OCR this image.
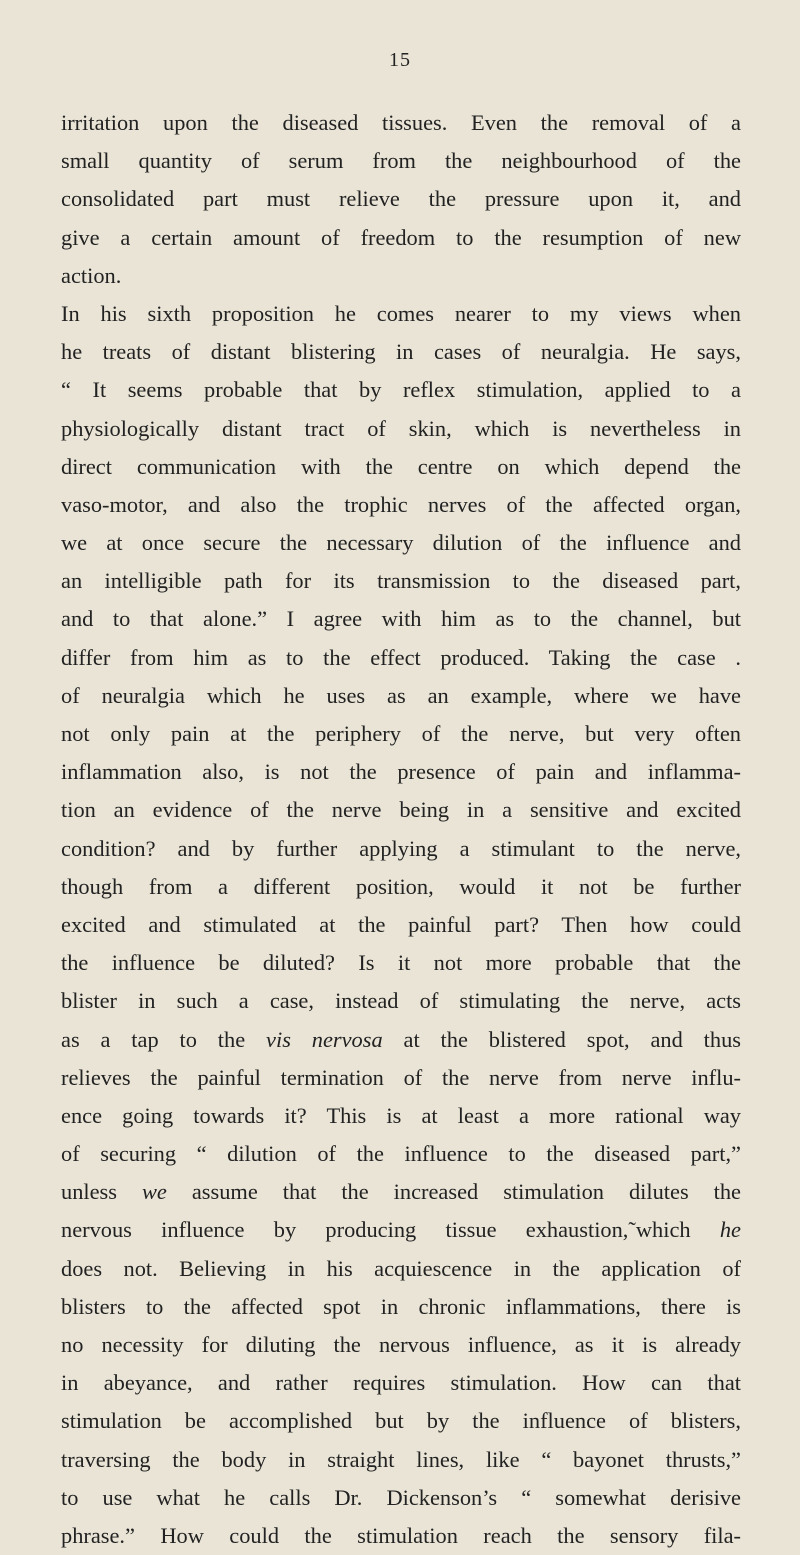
15
irritation upon the diseased tissues. Even the removal of a
small quantity of serum from the neighbourhood of the
consolidated part must relieve the pressure upon it, and
give a certain amount of freedom to the resumption of new
action.
In his sixth proposition he comes nearer to my views when
he treats of distant blistering in cases of neuralgia. He says,
“ It seems probable that by reflex stimulation, applied to a
physiologically distant tract of skin, which is nevertheless in
direct communication with the centre on which depend the
vaso-motor, and also the trophic nerves of the affected organ,
we at once secure the necessary dilution of the influence and
an intelligible path for its transmission to the diseased part,
and to that alone.” I agree with him as to the channel, but
differ from him as to the effect produced. Taking the case .
of neuralgia which he uses as an example, where we have
not only pain at the periphery of the nerve, but very often
inflammation also, is not the presence of pain and inflamma-
tion an evidence of the nerve being in a sensitive and excited
condition? and by further applying a stimulant to the nerve,
though from a different position, would it not be further
excited and stimulated at the painful part? Then how could
the influence be diluted? Is it not more probable that the
blister in such a case, instead of stimulating the nerve, acts
as a tap to the vis nervosa at the blistered spot, and thus
relieves the painful termination of the nerve from nerve influ-
ence going towards it? This is at least a more rational way
of securing “ dilution of the influence to the diseased part,”
unless we assume that the increased stimulation dilutes the
nervous influence by producing tissue exhaustion,˜which he
does not. Believing in his acquiescence in the application of
blisters to the affected spot in chronic inflammations, there is
no necessity for diluting the nervous influence, as it is already
in abeyance, and rather requires stimulation. How can that
stimulation be accomplished but by the influence of blisters,
traversing the body in straight lines, like “ bayonet thrusts,”
to use what he calls Dr. Dickenson’s “ somewhat derisive
phrase.” How could the stimulation reach the sensory fila-
